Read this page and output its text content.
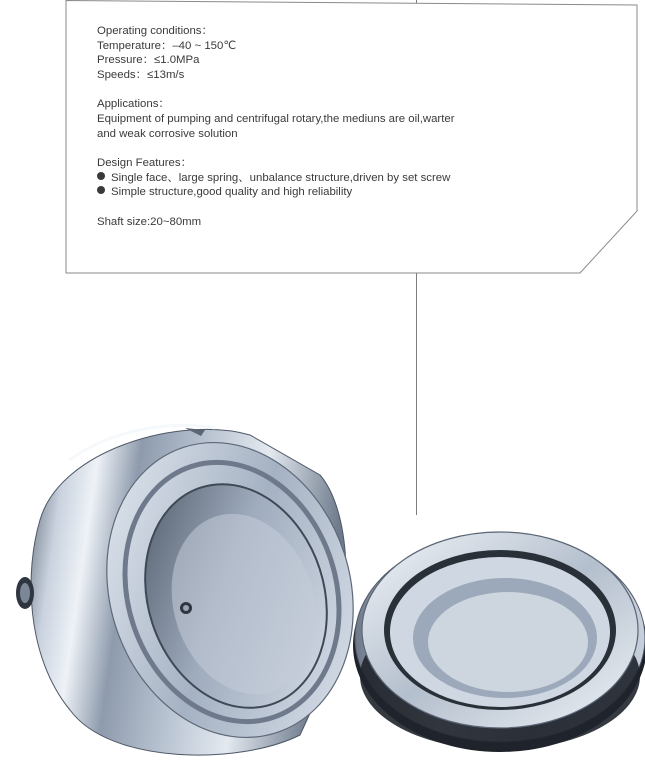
Operating conditions：

Temperature：–40 ~ 150℃

Pressure：≤1.0MPa

Speeds：≤13m/s

Applications：

Equipment of pumping and centrifugal rotary,the mediuns are oil,warter

and weak corrosive solution

Design Features：

Single face、large spring、unbalance structure,driven by set screw

Simple structure,good quality and high reliability

Shaft size:20~80mm
